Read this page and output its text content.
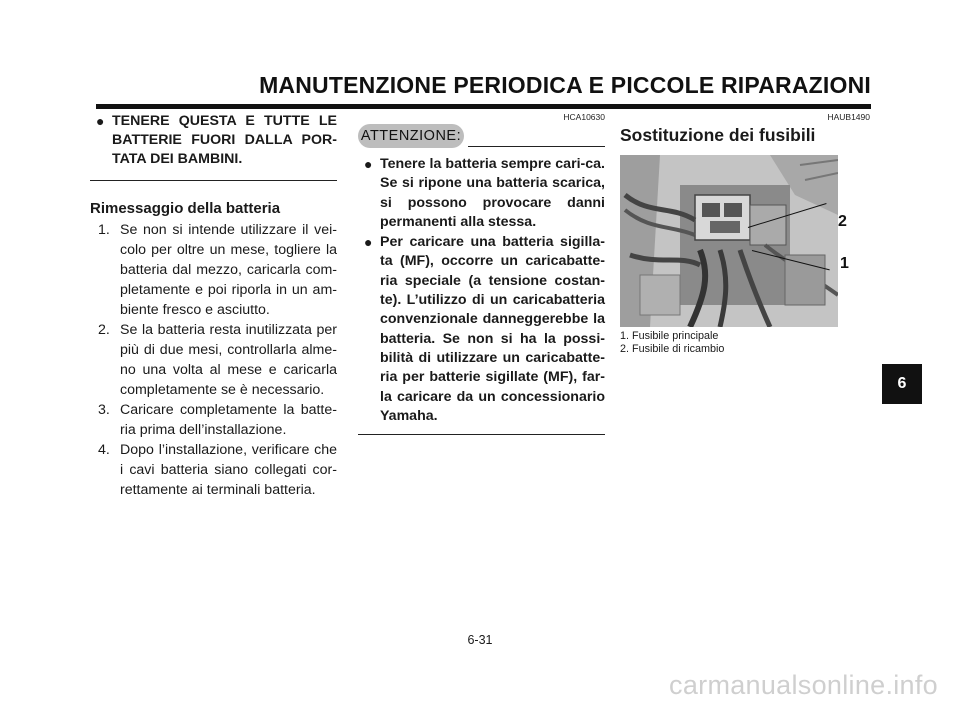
MANUTENZIONE PERIODICA E PICCOLE RIPARAZIONI
● TENERE QUESTA E TUTTE LE BATTERIE FUORI DALLA POR-TATA DEI BAMBINI.
Rimessaggio della batteria
1. Se non si intende utilizzare il vei-colo per oltre un mese, togliere la batteria dal mezzo, caricarla com-pletamente e poi riporla in un am-biente fresco e asciutto.
2. Se la batteria resta inutilizzata per più di due mesi, controllarla alme-no una volta al mese e caricarla completamente se è necessario.
3. Caricare completamente la batte-ria prima dell’installazione.
4. Dopo l’installazione, verificare che i cavi batteria siano collegati cor-rettamente ai terminali batteria.
HCA10630
ATTENZIONE:
● Tenere la batteria sempre cari-ca. Se si ripone una batteria scarica, si possono provocare danni permanenti alla stessa.
● Per caricare una batteria sigilla-ta (MF), occorre un caricabatte-ria speciale (a tensione costan-te). L’utilizzo di un caricabatteria convenzionale danneggerebbe la batteria. Se non si ha la possi-bilità di utilizzare un caricabatte-ria per batterie sigillate (MF), far-la caricare da un concessionario Yamaha.
HAUB1490
Sostituzione dei fusibili
2
1
1. Fusibile principale
2. Fusibile di ricambio
6
6-31
carmanualsonline.info
